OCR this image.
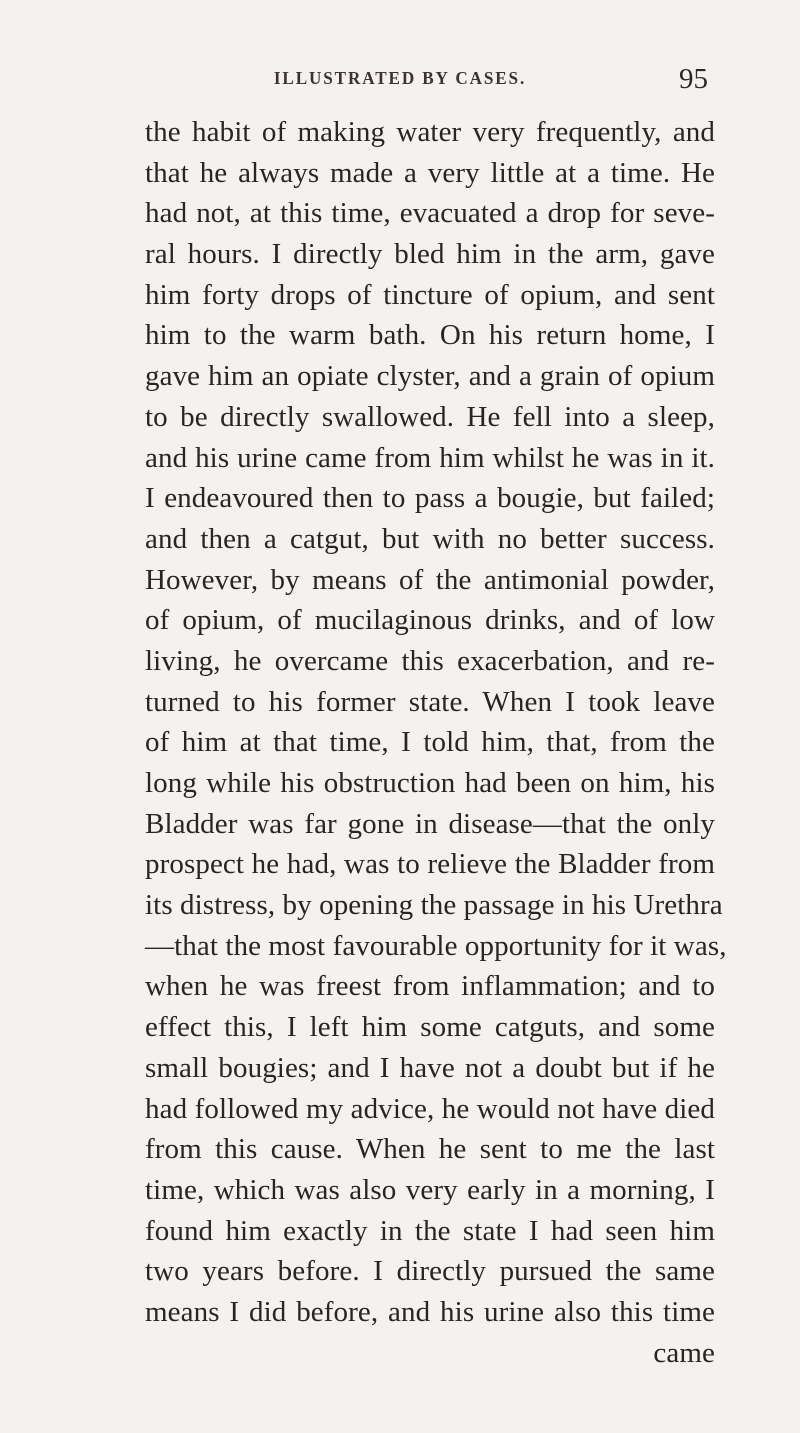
ILLUSTRATED BY CASES.	95
the habit of making water very frequently, and
that he always made a very little at a time. He
had not, at this time, evacuated a drop for seve-
ral hours. I directly bled him in the arm, gave
him forty drops of tincture of opium, and sent
him to the warm bath. On his return home, I
gave him an opiate clyster, and a grain of opium
to be directly swallowed. He fell into a sleep,
and his urine came from him whilst he was in it.
I endeavoured then to pass a bougie, but failed;
and then a catgut, but with no better success.
However, by means of the antimonial powder,
of opium, of mucilaginous drinks, and of low
living, he overcame this exacerbation, and re-
turned to his former state. When I took leave
of him at that time, I told him, that, from the
long while his obstruction had been on him, his
Bladder was far gone in disease—that the only
prospect he had, was to relieve the Bladder from
its distress, by opening the passage in his Urethra
—that the most favourable opportunity for it was,
when he was freest from inflammation; and to
effect this, I left him some catguts, and some
small bougies; and I have not a doubt but if he
had followed my advice, he would not have died
from this cause. When he sent to me the last
time, which was also very early in a morning, I
found him exactly in the state I had seen him
two years before. I directly pursued the same
means I did before, and his urine also this time
came
